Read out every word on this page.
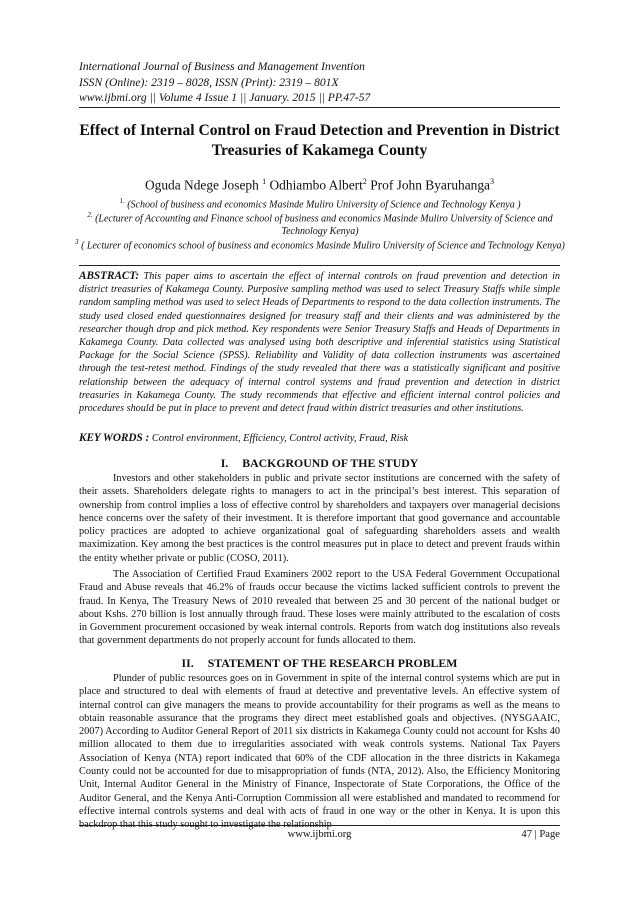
International Journal of Business and Management Invention
ISSN (Online): 2319 – 8028, ISSN (Print): 2319 – 801X
www.ijbmi.org || Volume 4 Issue 1 || January. 2015 || PP.47-57
Effect of Internal Control on Fraud Detection and Prevention in District Treasuries of Kakamega County
Oguda Ndege Joseph $^1$ Odhiambo Albert$^2$ Prof John Byaruhanga$^3$
$^{1.}$ (School of business and economics Masinde Muliro University of Science and Technology Kenya )
$^{2.}$ (Lecturer of Accounting and Finance school of business and economics Masinde Muliro University of Science and Technology Kenya)
$^3$ ( Lecturer of economics school of business and economics Masinde Muliro University of Science and Technology Kenya)
ABSTRACT: This paper aims to ascertain the effect of internal controls on fraud prevention and detection in district treasuries of Kakamega County. Purposive sampling method was used to select Treasury Staffs while simple random sampling method was used to select Heads of Departments to respond to the data collection instruments. The study used closed ended questionnaires designed for treasury staff and their clients and was administered by the researcher though drop and pick method. Key respondents were Senior Treasury Staffs and Heads of Departments in Kakamega County. Data collected was analysed using both descriptive and inferential statistics using Statistical Package for the Social Science (SPSS). Reliability and Validity of data collection instruments was ascertained through the test-retest method. Findings of the study revealed that there was a statistically significant and positive relationship between the adequacy of internal control systems and fraud prevention and detection in district treasuries in Kakamega County. The study recommends that effective and efficient internal control policies and procedures should be put in place to prevent and detect fraud within district treasuries and other institutions.
KEY WORDS : Control environment, Efficiency, Control activity, Fraud, Risk
I. BACKGROUND OF THE STUDY
Investors and other stakeholders in public and private sector institutions are concerned with the safety of their assets. Shareholders delegate rights to managers to act in the principal’s best interest. This separation of ownership from control implies a loss of effective control by shareholders and taxpayers over managerial decisions hence concerns over the safety of their investment. It is therefore important that good governance and accountable policy practices are adopted to achieve organizational goal of safeguarding shareholders assets and wealth maximization. Key among the best practices is the control measures put in place to detect and prevent frauds within the entity whether private or public (COSO, 2011).
The Association of Certified Fraud Examiners 2002 report to the USA Federal Government Occupational Fraud and Abuse reveals that 46.2% of frauds occur because the victims lacked sufficient controls to prevent the fraud. In Kenya, The Treasury News of 2010 revealed that between 25 and 30 percent of the national budget or about Kshs. 270 billion is lost annually through fraud. These loses were mainly attributed to the escalation of costs in Government procurement occasioned by weak internal controls. Reports from watch dog institutions also reveals that government departments do not properly account for funds allocated to them.
II. STATEMENT OF THE RESEARCH PROBLEM
Plunder of public resources goes on in Government in spite of the internal control systems which are put in place and structured to deal with elements of fraud at detective and preventative levels. An effective system of internal control can give managers the means to provide accountability for their programs as well as the means to obtain reasonable assurance that the programs they direct meet established goals and objectives. (NYSGAAIC, 2007) According to Auditor General Report of 2011 six districts in Kakamega County could not account for Kshs 40 million allocated to them due to irregularities associated with weak controls systems. National Tax Payers Association of Kenya (NTA) report indicated that 60% of the CDF allocation in the three districts in Kakamega County could not be accounted for due to misappropriation of funds (NTA, 2012). Also, the Efficiency Monitoring Unit, Internal Auditor General in the Ministry of Finance, Inspectorate of State Corporations, the Office of the Auditor General, and the Kenya Anti-Corruption Commission all were established and mandated to recommend for effective internal controls systems and deal with acts of fraud in one way or the other in Kenya. It is upon this backdrop that this study sought to investigate the relationship
www.ijbmi.org	47 | Page
